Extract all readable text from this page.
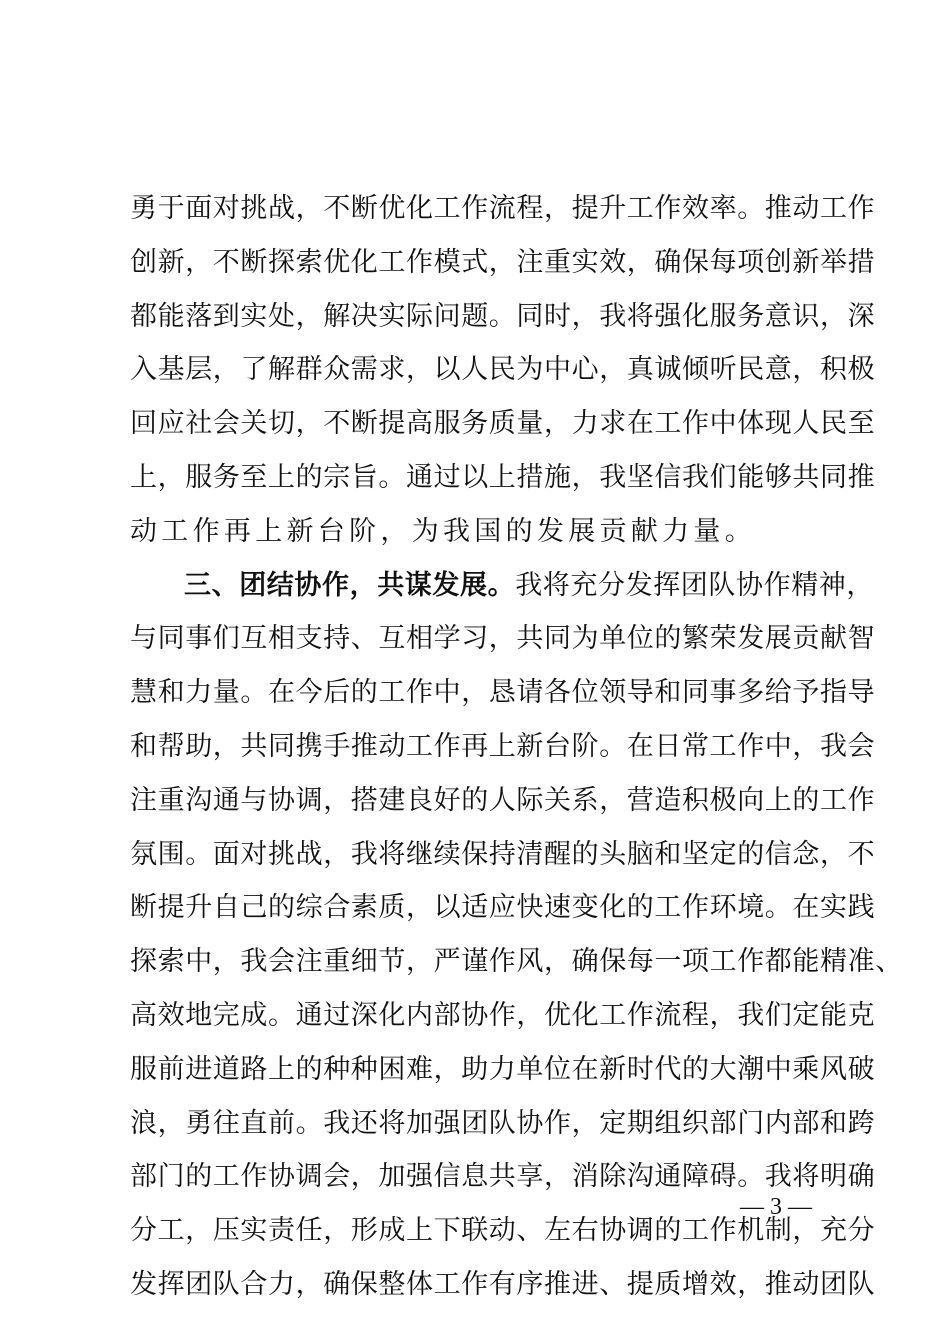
勇于面对挑战，不断优化工作流程，提升工作效率。推动工作
创新，不断探索优化工作模式，注重实效，确保每项创新举措
都能落到实处，解决实际问题。同时，我将强化服务意识，深
入基层，了解群众需求，以人民为中心，真诚倾听民意，积极
回应社会关切，不断提高服务质量，力求在工作中体现人民至
上，服务至上的宗旨。通过以上措施，我坚信我们能够共同推
动工作再上新台阶，为我国的发展贡献力量。
三、团结协作，共谋发展。我将充分发挥团队协作精神，
与同事们互相支持、互相学习，共同为单位的繁荣发展贡献智
慧和力量。在今后的工作中，恳请各位领导和同事多给予指导
和帮助，共同携手推动工作再上新台阶。在日常工作中，我会
注重沟通与协调，搭建良好的人际关系，营造积极向上的工作
氛围。面对挑战，我将继续保持清醒的头脑和坚定的信念，不
断提升自己的综合素质，以适应快速变化的工作环境。在实践
探索中，我会注重细节，严谨作风，确保每一项工作都能精准、
高效地完成。通过深化内部协作，优化工作流程，我们定能克
服前进道路上的种种困难，助力单位在新时代的大潮中乘风破
浪，勇往直前。我还将加强团队协作，定期组织部门内部和跨
部门的工作协调会，加强信息共享，消除沟通障碍。我将明确
分工，压实责任，形成上下联动、左右协调的工作机制，充分
发挥团队合力，确保整体工作有序推进、提质增效，推动团队
— 3 —
